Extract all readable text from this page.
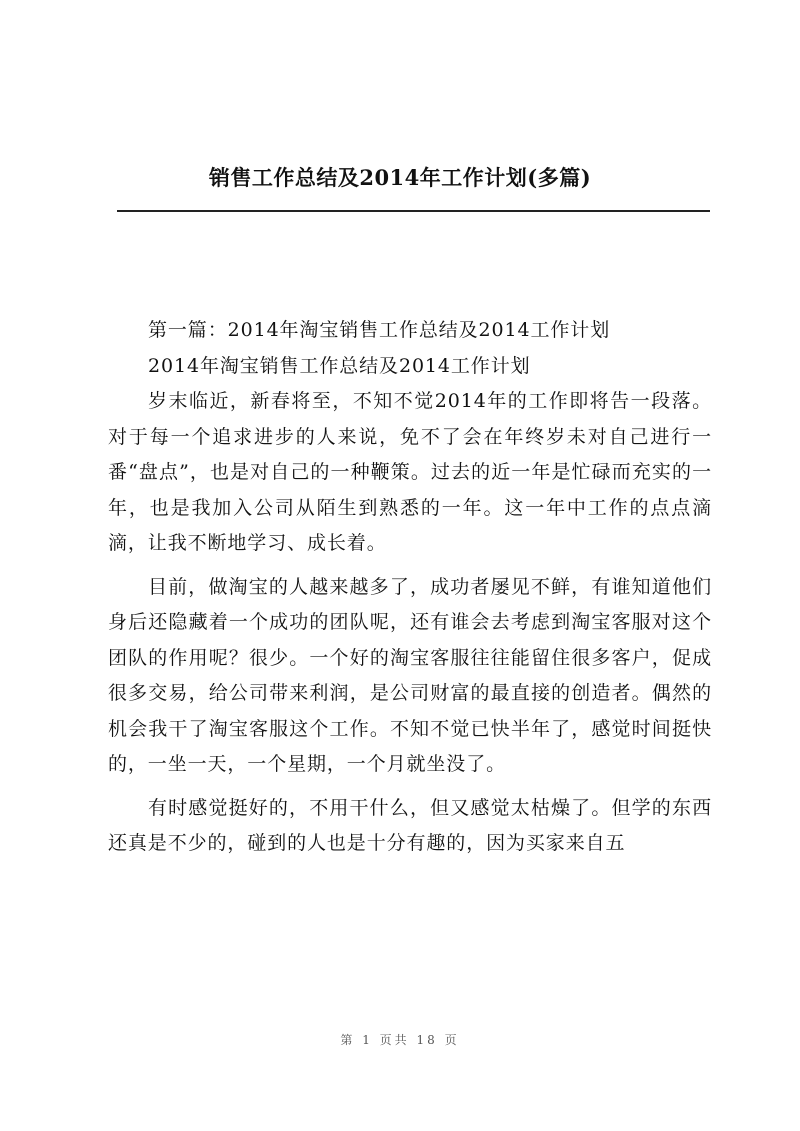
销售工作总结及2014年工作计划(多篇)

第一篇：2014年淘宝销售工作总结及2014工作计划

2014年淘宝销售工作总结及2014工作计划

岁末临近，新春将至，不知不觉2014年的工作即将告一段落。对于每一个追求进步的人来说，免不了会在年终岁未对自己进行一番“盘点”，也是对自己的一种鞭策。过去的近一年是忙碌而充实的一年，也是我加入公司从陌生到熟悉的一年。这一年中工作的点点滴滴，让我不断地学习、成长着。

目前，做淘宝的人越来越多了，成功者屡见不鲜，有谁知道他们身后还隐藏着一个成功的团队呢，还有谁会去考虑到淘宝客服对这个团队的作用呢？很少。一个好的淘宝客服往往能留住很多客户，促成很多交易，给公司带来利润，是公司财富的最直接的创造者。偶然的机会我干了淘宝客服这个工作。不知不觉已快半年了，感觉时间挺快的，一坐一天，一个星期，一个月就坐没了。

有时感觉挺好的，不用干什么，但又感觉太枯燥了。但学的东西还真是不少的，碰到的人也是十分有趣的，因为买家来自五

第 1 页共 18 页
